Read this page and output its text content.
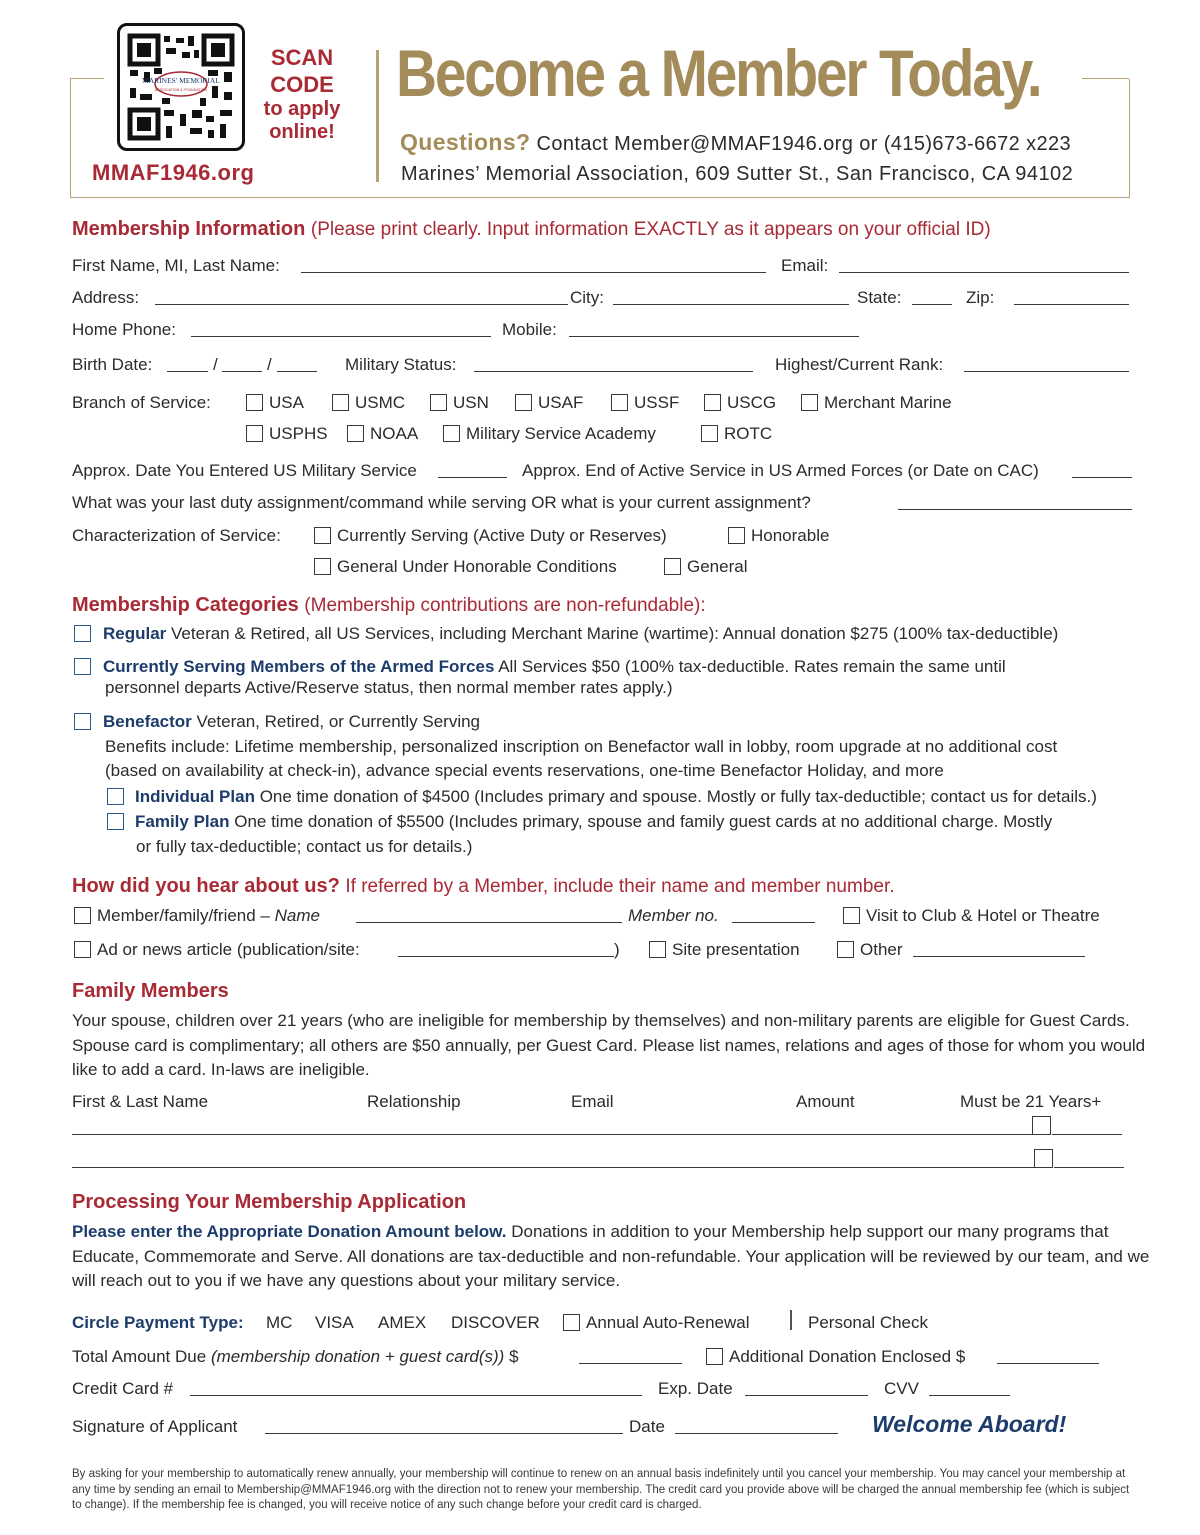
MARINES' MEMORIAL
ASSOCIATION & FOUNDATION
SCAN
CODE
to apply
online!
MMAF1946.org
Become a Member Today.
Questions? Contact Member@MMAF1946.org or (415)673-6672 x223
Marines’ Memorial Association, 609 Sutter St., San Francisco, CA 94102
Membership Information (Please print clearly. Input information EXACTLY as it appears on your official ID)
First Name, MI, Last Name:	Email:
Address:	City:	State:	Zip:
Home Phone:	Mobile:
Birth Date:	/	/	Military Status:	Highest/Current Rank:
Branch of Service:	USA	USMC	USN	USAF	USSF	USCG	Merchant Marine
USPHS	NOAA	Military Service Academy	ROTC
Approx. Date You Entered US Military Service	Approx. End of Active Service in US Armed Forces (or Date on CAC)
What was your last duty assignment/command while serving OR what is your current assignment?
Characterization of Service:	Currently Serving (Active Duty or Reserves)	Honorable
General Under Honorable Conditions	General
Membership Categories (Membership contributions are non-refundable):
Regular Veteran & Retired, all US Services, including Merchant Marine (wartime): Annual donation $275 (100% tax-deductible)
Currently Serving Members of the Armed Forces All Services $50 (100% tax-deductible. Rates remain the same until
personnel departs Active/Reserve status, then normal member rates apply.)
Benefactor Veteran, Retired, or Currently Serving
Benefits include: Lifetime membership, personalized inscription on Benefactor wall in lobby, room upgrade at no additional cost
(based on availability at check-in), advance special events reservations, one-time Benefactor Holiday, and more
Individual Plan One time donation of $4500 (Includes primary and spouse. Mostly or fully tax-deductible; contact us for details.)
Family Plan One time donation of $5500 (Includes primary, spouse and family guest cards at no additional charge. Mostly
or fully tax-deductible; contact us for details.)
How did you hear about us? If referred by a Member, include their name and member number.
Member/family/friend – Name	Member no.	Visit to Club & Hotel or Theatre
Ad or news article (publication/site:	)	Site presentation	Other
Family Members
Your spouse, children over 21 years (who are ineligible for membership by themselves) and non-military parents are eligible for Guest Cards. Spouse card is complimentary; all others are $50 annually, per Guest Card. Please list names, relations and ages of those for whom you would like to add a card. In-laws are ineligible.
First & Last Name	Relationship	Email	Amount	Must be 21 Years+
Processing Your Membership Application
Please enter the Appropriate Donation Amount below. Donations in addition to your Membership help support our many programs that Educate, Commemorate and Serve. All donations are tax-deductible and non-refundable. Your application will be reviewed by our team, and we will reach out to you if we have any questions about your military service.
Circle Payment Type: MC VISA AMEX DISCOVER	Annual Auto-Renewal	Personal Check
Total Amount Due (membership donation + guest card(s)) $	Additional Donation Enclosed $
Credit Card #	Exp. Date	CVV
Signature of Applicant	Date	Welcome Aboard!
By asking for your membership to automatically renew annually, your membership will continue to renew on an annual basis indefinitely until you cancel your membership. You may cancel your membership at any time by sending an email to Membership@MMAF1946.org with the direction not to renew your membership. The credit card you provide above will be charged the annual membership fee (which is subject to change). If the membership fee is changed, you will receive notice of any such change before your credit card is charged.
